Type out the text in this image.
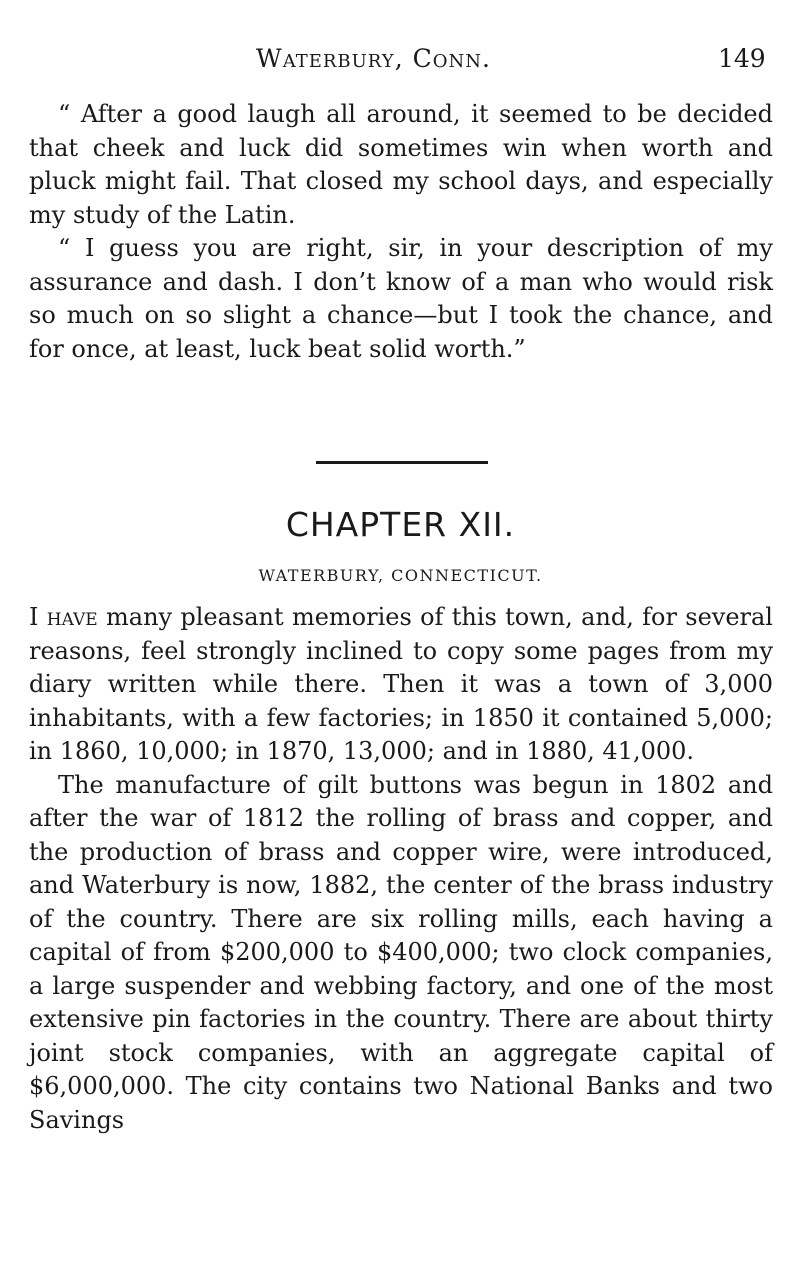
Waterbury, Conn.	149

“ After a good laugh all around, it seemed to be decided that cheek and luck did sometimes win when worth and pluck might fail. That closed my school days, and especially my study of the Latin.

“ I guess you are right, sir, in your description of my assurance and dash. I don’t know of a man who would risk so much on so slight a chance—but I took the chance, and for once, at least, luck beat solid worth.”

CHAPTER XII.
WATERBURY, CONNECTICUT.

I have many pleasant memories of this town, and, for several reasons, feel strongly inclined to copy some pages from my diary written while there. Then it was a town of 3,000 inhabitants, with a few factories; in 1850 it contained 5,000; in 1860, 10,000; in 1870, 13,000; and in 1880, 41,000.

The manufacture of gilt buttons was begun in 1802 and after the war of 1812 the rolling of brass and copper, and the production of brass and copper wire, were introduced, and Waterbury is now, 1882, the center of the brass industry of the country. There are six rolling mills, each having a capital of from $200,000 to $400,000; two clock companies, a large suspender and webbing factory, and one of the most extensive pin factories in the country. There are about thirty joint stock companies, with an aggregate capital of $6,000,000. The city contains two National Banks and two Savings
